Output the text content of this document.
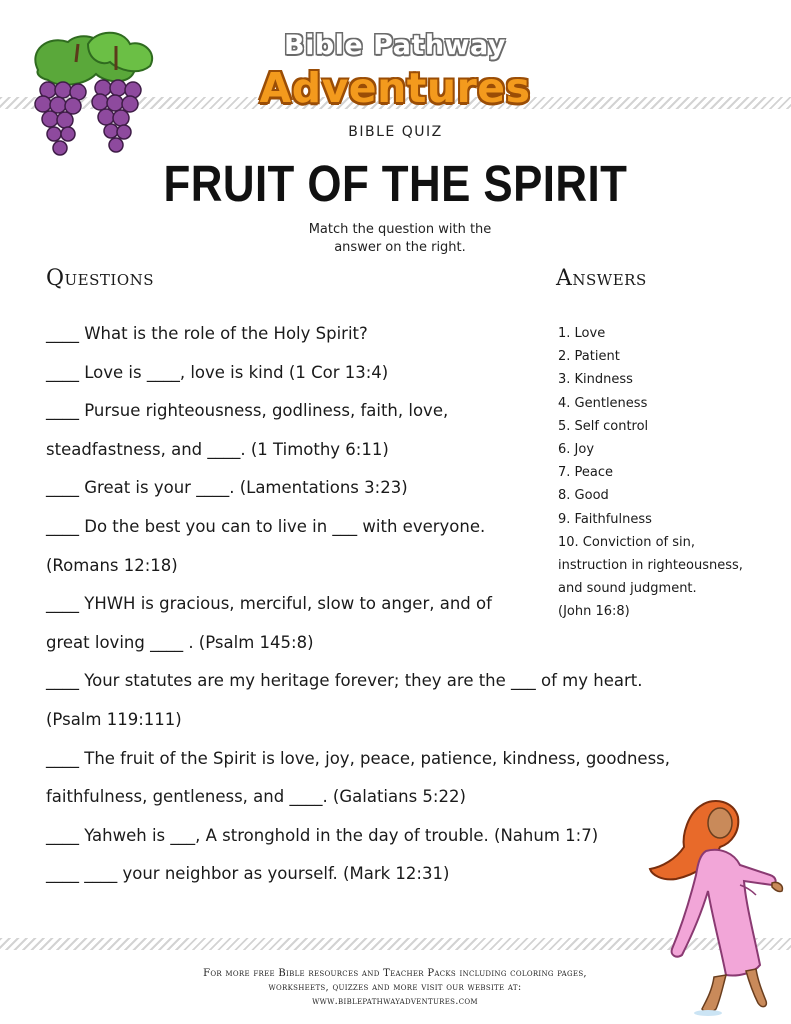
Bible Pathway
Adventures
BIBLE QUIZ
FRUIT OF THE SPIRIT
Match the question with the
answer on the right.
Questions	Answers
____ What is the role of the Holy Spirit?
____ Love is ____, love is kind (1 Cor 13:4)
____ Pursue righteousness, godliness, faith, love,
steadfastness, and ____. (1 Timothy 6:11)
____ Great is your ____. (Lamentations 3:23)
____ Do the best you can to live in ___ with everyone.
(Romans 12:18)
____ YHWH is gracious, merciful, slow to anger, and of
great loving ____ . (Psalm 145:8)
____ Your statutes are my heritage forever; they are the ___ of my heart.
(Psalm 119:111)
____ The fruit of the Spirit is love, joy, peace, patience, kindness, goodness,
faithfulness, gentleness, and ____. (Galatians 5:22)
____ Yahweh is ___, A stronghold in the day of trouble. (Nahum 1:7)
____ ____ your neighbor as yourself. (Mark 12:31)
1. Love
2. Patient
3. Kindness
4. Gentleness
5. Self control
6. Joy
7. Peace
8. Good
9. Faithfulness
10. Conviction of sin,
instruction in righteousness,
and sound judgment.
(John 16:8)
For more free Bible resources and Teacher Packs including coloring pages,
worksheets, quizzes and more visit our website at:
www.biblepathwayadventures.com
